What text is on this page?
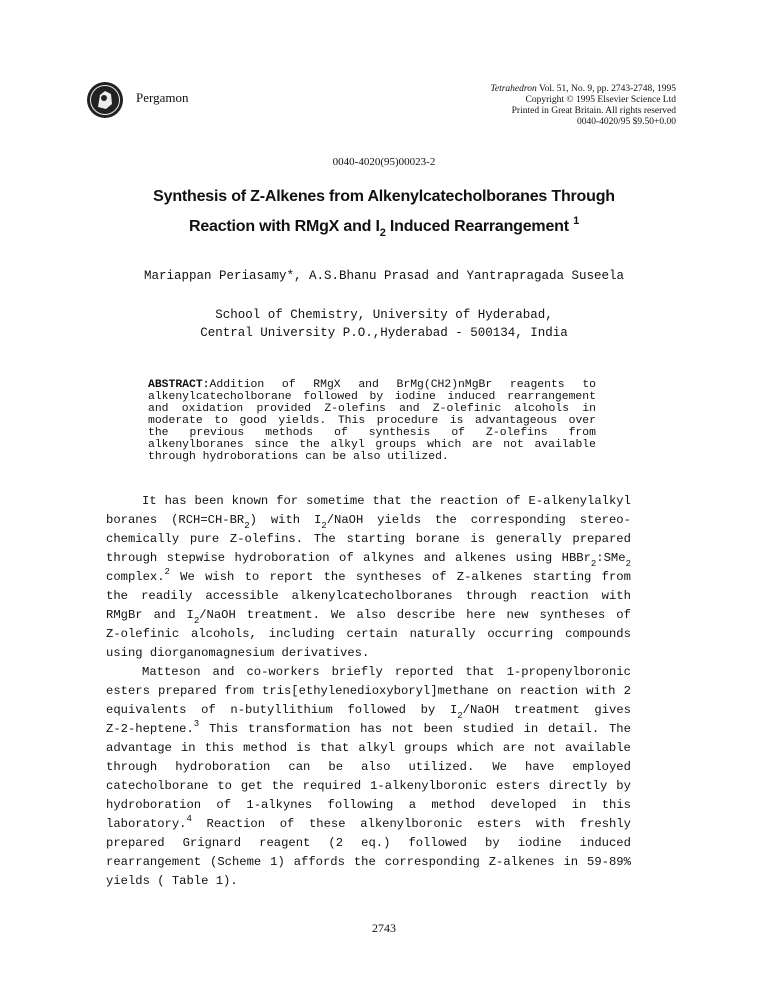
Pergamon
Tetrahedron Vol. 51, No. 9, pp. 2743-2748, 1995
Copyright © 1995 Elsevier Science Ltd
Printed in Great Britain. All rights reserved
0040-4020/95 $9.50+0.00
0040-4020(95)00023-2
Synthesis of Z-Alkenes from Alkenylcatecholboranes Through
Reaction with RMgX and $I_2$ Induced Rearrangement $^1$
Mariappan Periasamy*, A.S.Bhanu Prasad and Yantrapragada Suseela
School of Chemistry, University of Hyderabad,
Central University P.O.,Hyderabad - 500134, India
ABSTRACT: Addition of RMgX and BrMg(CH2)nMgBr reagents to
alkenylcatecholborane followed by iodine induced rearrangement
and oxidation provided Z-olefins and Z-olefinic alcohols in
moderate to good yields. This procedure is advantageous over
the previous methods of synthesis of Z-olefins from
alkenylboranes since the alkyl groups which are not available
through hydroborations can be also utilized.
It has been known for sometime that the reaction of E-alkenylalkyl
boranes $(RCH=CH-BR_2)$ with $I_2$/NaOH yields the corresponding stereo-
chemically pure Z-olefins. The starting borane is generally prepared
through stepwise hydroboration of alkynes and alkenes using HBBr$_2$:SMe$_2$
complex.$^2$ We wish to report the syntheses of Z-alkenes starting from
the readily accessible alkenylcatecholboranes through reaction with
RMgBr and $I_2$/NaOH treatment. We also describe here new syntheses of
Z-olefinic alcohols, including certain naturally occurring compounds
using diorganomagnesium derivatives.
Matteson and co-workers briefly reported that 1-propenylboronic
esters prepared from tris[ethylenedioxyboryl]methane on reaction with 2
equivalents of n-butyllithium followed by $I_2$/NaOH treatment gives
Z-2-heptene.$^3$ This transformation has not been studied in detail. The
advantage in this method is that alkyl groups which are not available
through hydroboration can be also utilized. We have employed
catecholborane to get the required 1-alkenylboronic esters directly by
hydroboration of 1-alkynes following a method developed in this
laboratory.$^4$ Reaction of these alkenylboronic esters with freshly
prepared Grignard reagent (2 eq.) followed by iodine induced
rearrangement (Scheme 1) affords the corresponding Z-alkenes in 59-89%
yields ( Table 1).
2743
